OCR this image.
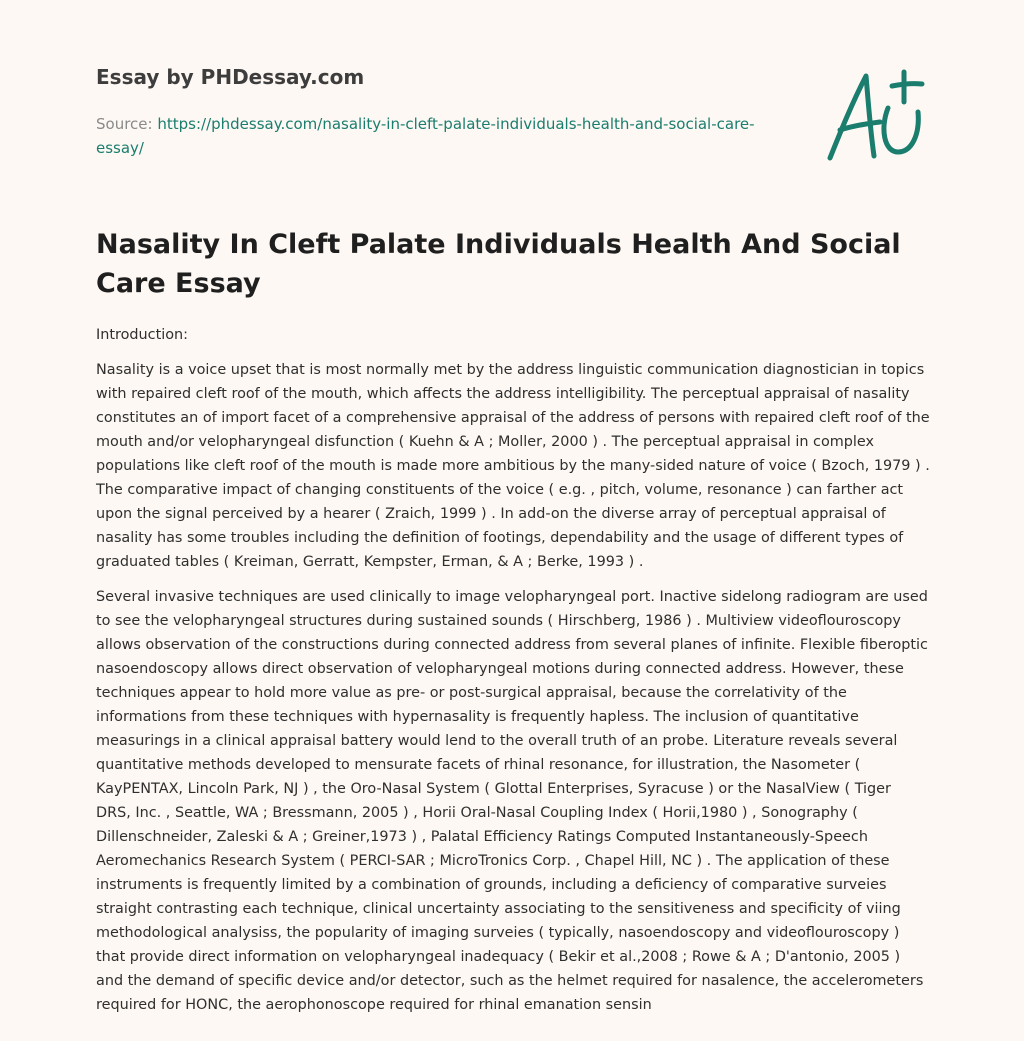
Essay by PHDessay.com
Source: https://phdessay.com/nasality-in-cleft-palate-individuals-health-and-social-care-essay/
Nasality In Cleft Palate Individuals Health And Social Care Essay

Introduction:

Nasality is a voice upset that is most normally met by the address linguistic communication diagnostician in topics with repaired cleft roof of the mouth, which affects the address intelligibility. The perceptual appraisal of nasality constitutes an of import facet of a comprehensive appraisal of the address of persons with repaired cleft roof of the mouth and/or velopharyngeal disfunction ( Kuehn & A ; Moller, 2000 ) . The perceptual appraisal in complex populations like cleft roof of the mouth is made more ambitious by the many-sided nature of voice ( Bzoch, 1979 ) . The comparative impact of changing constituents of the voice ( e.g. , pitch, volume, resonance ) can farther act upon the signal perceived by a hearer ( Zraich, 1999 ) . In add-on the diverse array of perceptual appraisal of nasality has some troubles including the definition of footings, dependability and the usage of different types of graduated tables ( Kreiman, Gerratt, Kempster, Erman, & A ; Berke, 1993 ) .

Several invasive techniques are used clinically to image velopharyngeal port. Inactive sidelong radiogram are used to see the velopharyngeal structures during sustained sounds ( Hirschberg, 1986 ) . Multiview videoflouroscopy allows observation of the constructions during connected address from several planes of infinite. Flexible fiberoptic nasoendoscopy allows direct observation of velopharyngeal motions during connected address. However, these techniques appear to hold more value as pre- or post-surgical appraisal, because the correlativity of the informations from these techniques with hypernasality is frequently hapless. The inclusion of quantitative measurings in a clinical appraisal battery would lend to the overall truth of an probe. Literature reveals several quantitative methods developed to mensurate facets of rhinal resonance, for illustration, the Nasometer ( KayPENTAX, Lincoln Park, NJ ) , the Oro-Nasal System ( Glottal Enterprises, Syracuse ) or the NasalView ( Tiger DRS, Inc. , Seattle, WA ; Bressmann, 2005 ) , Horii Oral-Nasal Coupling Index ( Horii,1980 ) , Sonography ( Dillenschneider, Zaleski & A ; Greiner,1973 ) , Palatal Efficiency Ratings Computed Instantaneously-Speech Aeromechanics Research System ( PERCI-SAR ; MicroTronics Corp. , Chapel Hill, NC ) . The application of these instruments is frequently limited by a combination of grounds, including a deficiency of comparative surveies straight contrasting each technique, clinical uncertainty associating to the sensitiveness and specificity of viing methodological analysiss, the popularity of imaging surveies ( typically, nasoendoscopy and videoflouroscopy ) that provide direct information on velopharyngeal inadequacy ( Bekir et al.,2008 ; Rowe & A ; D'antonio, 2005 ) and the demand of specific device and/or detector, such as the helmet required for nasalence, the accelerometers required for HONC, the aerophonoscope required for rhinal emanation sensin
